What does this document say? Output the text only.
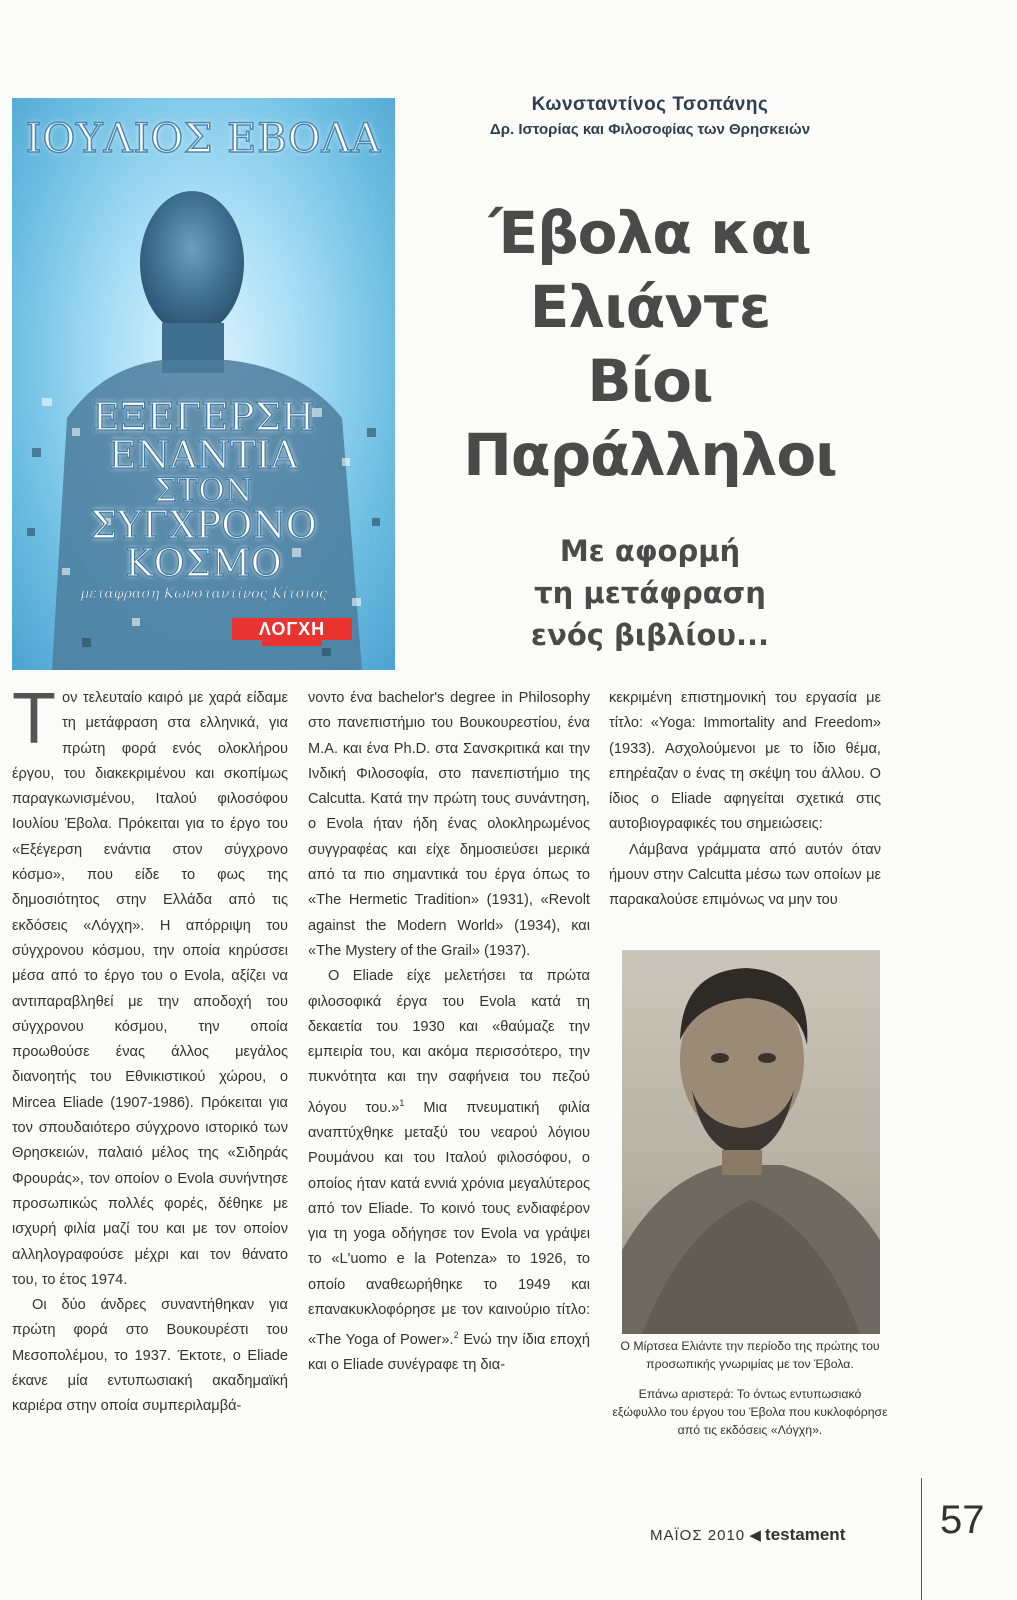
ΙΟΥΛΙΟΣ ΕΒΟΛΑ
ΕΞΕΓΕΡΣΗ
ΕΝΑΝΤΙΑ
ΣΤΟΝ
ΣΥΓΧΡΟΝΟ
ΚΟΣΜΟ
μετάφραση Κωνσταντίνος Κίτσιος
ΛΟΓΧΗ
Κωνσταντίνος Τσοπάνης
Δρ. Ιστορίας και Φιλοσοφίας των Θρησκειών
Έβολα και
Ελιάντε
Βίοι
Παράλληλοι
Με αφορμή
τη μετάφραση
ενός βιβλίου...

Τον τελευταίο καιρό με χαρά είδαμε τη μετάφραση στα ελληνικά, για πρώτη φορά ενός ολοκλήρου έργου, του διακεκριμένου και σκοπίμως παραγκωνισμένου, Ιταλού φιλοσόφου Ιουλίου Έβολα. Πρόκειται για το έργο του «Εξέγερση ενάντια στον σύγχρονο κόσμο», που είδε το φως της δημοσιότητος στην Ελλάδα από τις εκδόσεις «Λόγχη». Η απόρριψη του σύγχρονου κόσμου, την οποία κηρύσσει μέσα από το έργο του ο Evola, αξίζει να αντιπαραβληθεί με την αποδοχή του σύγχρονου κόσμου, την οποία προωθούσε ένας άλλος μεγάλος διανοητής του Εθνικιστικού χώρου, ο Mircea Eliade (1907-1986). Πρόκειται για τον σπουδαιότερο σύγχρονο ιστορικό των Θρησκειών, παλαιό μέλος της «Σιδηράς Φρουράς», τον οποίον ο Evola συνήντησε προσωπικώς πολλές φορές, δέθηκε με ισχυρή φιλία μαζί του και με τον οποίον αλληλογραφούσε μέχρι και τον θάνατο του, το έτος 1974.

Οι δύο άνδρες συναντήθηκαν για πρώτη φορά στο Βουκουρέστι του Μεσοπολέμου, το 1937. Έκτοτε, ο Eliade έκανε μία εντυπωσιακή ακαδημαϊκή καριέρα στην οποία συμπεριλαμβά-

νοντο ένα bachelor's degree in Philosophy στο πανεπιστήμιο του Βουκουρεστίου, ένα M.A. και ένα Ph.D. στα Σανσκριτικά και την Ινδική Φιλοσοφία, στο πανεπιστήμιο της Calcutta. Κατά την πρώτη τους συνάντηση, ο Evola ήταν ήδη ένας ολοκληρωμένος συγγραφέας και είχε δημοσιεύσει μερικά από τα πιο σημαντικά του έργα όπως το «The Hermetic Tradition» (1931), «Revolt against the Modern World» (1934), και «The Mystery of the Grail» (1937).

Ο Eliade είχε μελετήσει τα πρώτα φιλοσοφικά έργα του Evola κατά τη δεκαετία του 1930 και «θαύμαζε την εμπειρία του, και ακόμα περισσότερο, την πυκνότητα και την σαφήνεια του πεζού λόγου του.»$^1$ Μια πνευματική φιλία αναπτύχθηκε μεταξύ του νεαρού λόγιου Ρουμάνου και του Ιταλού φιλοσόφου, ο οποίος ήταν κατά εννιά χρόνια μεγαλύτερος από τον Eliade. Το κοινό τους ενδιαφέρον για τη yoga οδήγησε τον Evola να γράψει το «L'uomo e la Potenza» το 1926, το οποίο αναθεωρήθηκε το 1949 και επανακυκλοφόρησε με τον καινούριο τίτλο: «The Yoga of Power».$^2$ Ενώ την ίδια εποχή και ο Eliade συνέγραφε τη δια-

κεκριμένη επιστημονική του εργασία με τίτλο: «Yoga: Immortality and Freedom» (1933). Ασχολούμενοι με το ίδιο θέμα, επηρέαζαν ο ένας τη σκέψη του άλλου. Ο ίδιος ο Eliade αφηγείται σχετικά στις αυτοβιογραφικές του σημειώσεις:

Λάμβανα γράμματα από αυτόν όταν ήμουν στην Calcutta μέσω των οποίων με παρακαλούσε επιμόνως να μην του

Ο Μίρτσεα Ελιάντε την περίοδο της πρώτης του προσωπικής γνωριμίας με τον Έβολα.
Επάνω αριστερά: Το όντως εντυπωσιακό εξώφυλλο του έργου του Έβολα που κυκλοφόρησε από τις εκδόσεις «Λόγχη».
ΜΑΪΟΣ 2010 ◀ testament 57
